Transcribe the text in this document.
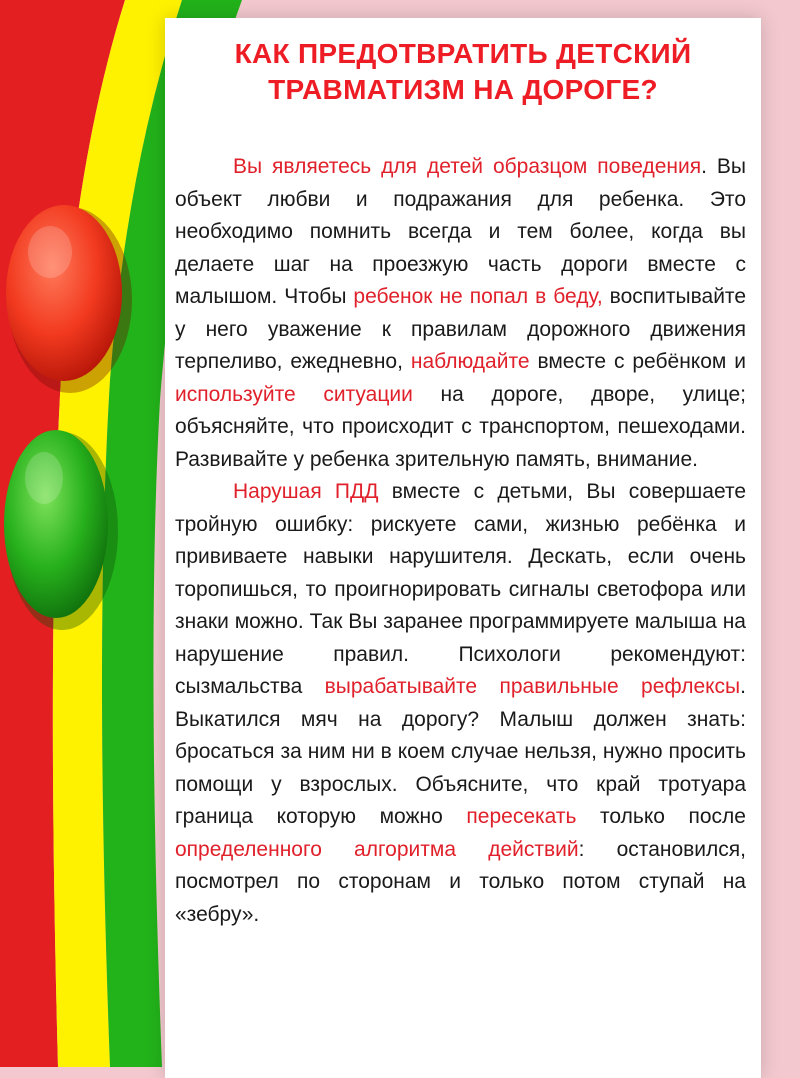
КАК ПРЕДОТВРАТИТЬ ДЕТСКИЙ
ТРАВМАТИЗМ НА ДОРОГЕ?

Вы являетесь для детей образцом поведения. Вы объект любви и подражания для ребенка. Это необходимо помнить всегда и тем более, когда вы делаете шаг на проезжую часть дороги вместе с малышом. Чтобы ребенок не попал в беду, воспитывайте у него уважение к правилам дорожного движения терпеливо, ежедневно, наблюдайте вместе с ребёнком и используйте ситуации на дороге, дворе, улице; объясняйте, что происходит с транспортом, пешеходами. Развивайте у ребенка зрительную память, внимание.

Нарушая ПДД вместе с детьми, Вы совершаете тройную ошибку: рискуете сами, жизнью ребёнка и прививаете навыки нарушителя. Дескать, если очень торопишься, то проигнорировать сигналы светофора или знаки можно. Так Вы заранее программируете малыша на нарушение правил. Психологи рекомендуют: сызмальства вырабатывайте правильные рефлексы. Выкатился мяч на дорогу? Малыш должен знать: бросаться за ним ни в коем случае нельзя, нужно просить помощи у взрослых. Объясните, что край тротуара граница которую можно пересекать только после определенного алгоритма действий: остановился, посмотрел по сторонам и только потом ступай на «зебру».
